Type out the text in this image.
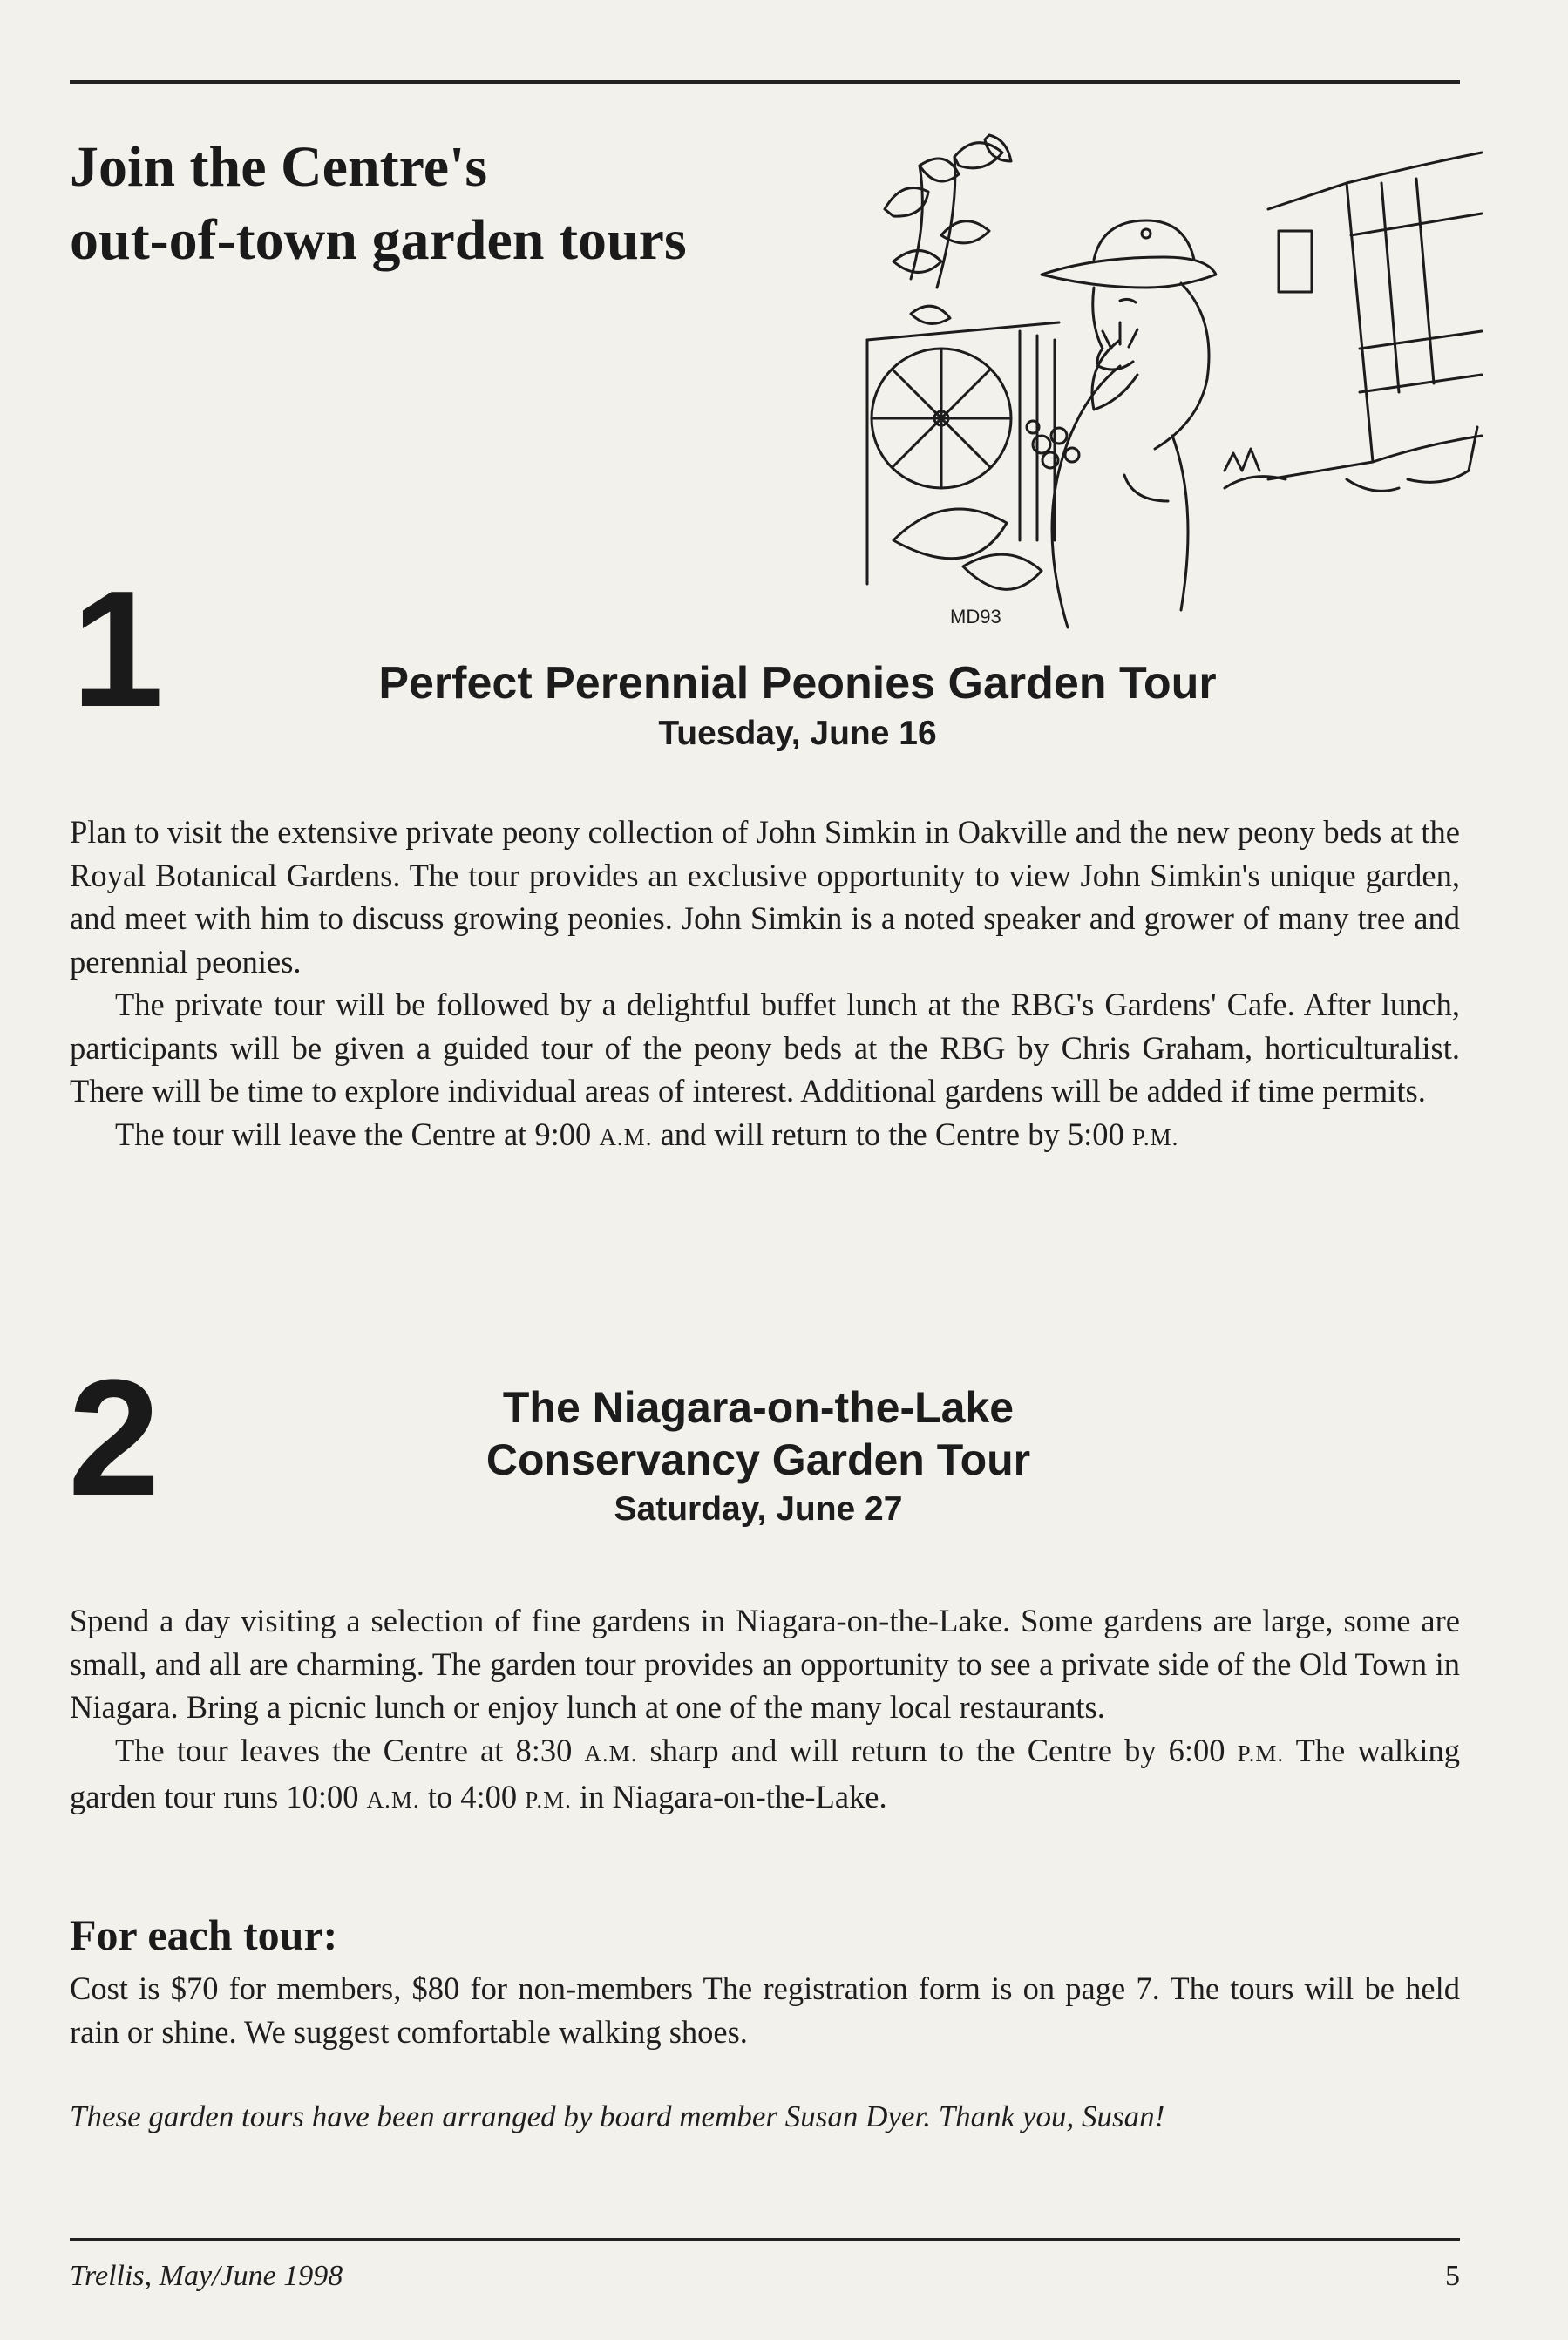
Join the Centre's
out-of-town garden tours
MD93
1	Perfect Perennial Peonies Garden Tour
Tuesday, June 16

Plan to visit the extensive private peony collection of John Simkin in Oakville and the new peony beds at the Royal Botanical Gardens. The tour provides an exclusive opportunity to view John Simkin's unique garden, and meet with him to discuss growing peonies. John Simkin is a noted speaker and grower of many tree and perennial peonies.

The private tour will be followed by a delightful buffet lunch at the RBG's Gardens' Cafe. After lunch, participants will be given a guided tour of the peony beds at the RBG by Chris Graham, horticulturalist. There will be time to explore individual areas of interest. Additional gardens will be added if time permits.

The tour will leave the Centre at 9:00 A.M. and will return to the Centre by 5:00 P.M.

2	The Niagara-on-the-Lake
Conservancy Garden Tour
Saturday, June 27

Spend a day visiting a selection of fine gardens in Niagara-on-the-Lake. Some gardens are large, some are small, and all are charming. The garden tour provides an opportunity to see a private side of the Old Town in Niagara. Bring a picnic lunch or enjoy lunch at one of the many local restaurants.

The tour leaves the Centre at 8:30 A.M. sharp and will return to the Centre by 6:00 P.M. The walking garden tour runs 10:00 A.M. to 4:00 P.M. in Niagara-on-the-Lake.

For each tour:

Cost is $70 for members, $80 for non-members The registration form is on page 7. The tours will be held rain or shine. We suggest comfortable walking shoes.

These garden tours have been arranged by board member Susan Dyer. Thank you, Susan!

Trellis, May/June 1998	5
